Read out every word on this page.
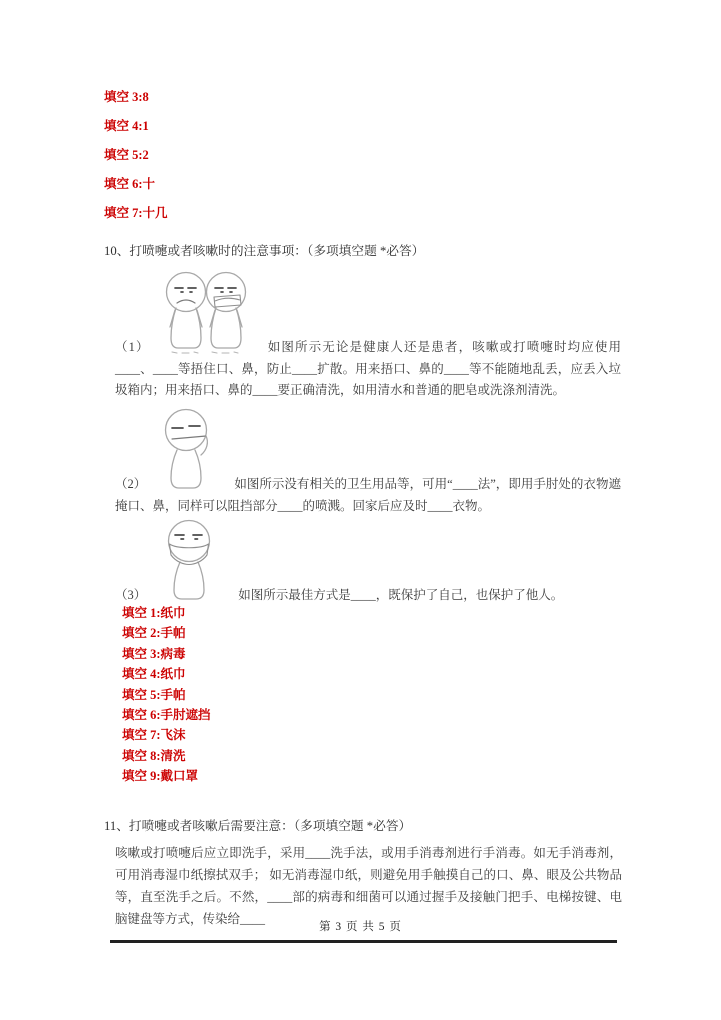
填空 3:8
填空 4:1
填空 5:2
填空 6:十
填空 7:十几
10、打喷嚏或者咳嗽时的注意事项：（多项填空题 *必答）

（1）	如图所示无论是健康人还是患者，咳嗽或打喷嚏时均应使用____、____等捂住口、鼻，防止____扩散。用来捂口、鼻的____等不能随地乱丢，应丢入垃圾箱内；用来捂口、鼻的____要正确清洗，如用清水和普通的肥皂或洗涤剂清洗。

（2）	如图所示没有相关的卫生用品等，可用“____法”，即用手肘处的衣物遮掩口、鼻，同样可以阻挡部分____的喷溅。回家后应及时____衣物。

（3）	如图所示最佳方式是____，既保护了自己，也保护了他人。

填空 1:纸巾
填空 2:手帕
填空 3:病毒
填空 4:纸巾
填空 5:手帕
填空 6:手肘遮挡
填空 7:飞沫
填空 8:清洗
填空 9:戴口罩
11、打喷嚏或者咳嗽后需要注意：（多项填空题 *必答）

咳嗽或打喷嚏后应立即洗手，采用____洗手法，或用手消毒剂进行手消毒。如无手消毒剂，可用消毒湿巾纸擦拭双手； 如无消毒湿巾纸，则避免用手触摸自己的口、鼻、眼及公共物品等，直至洗手之后。不然，____部的病毒和细菌可以通过握手及接触门把手、电梯按键、电脑键盘等方式，传染给____

第 3 页 共 5 页
